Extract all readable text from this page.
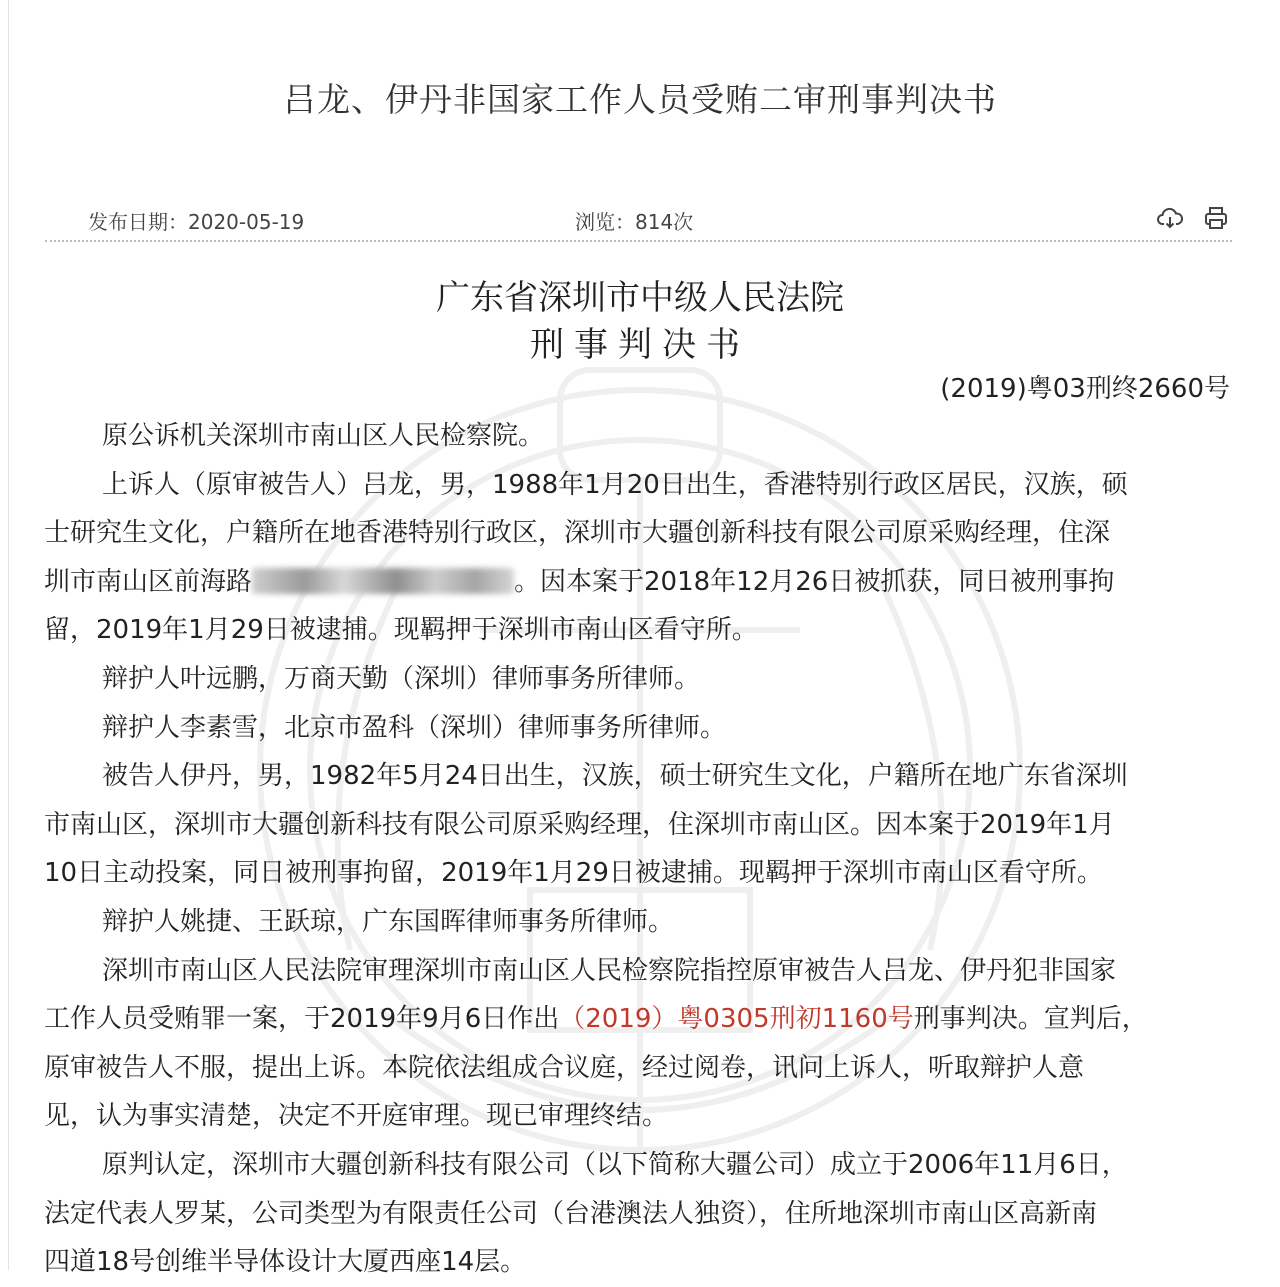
吕龙、伊丹非国家工作人员受贿二审刑事判决书
发布日期：2020-05-19	浏览：814次
广东省深圳市中级人民法院
刑事判决书
(2019)粤03刑终2660号

原公诉机关深圳市南山区人民检察院。

上诉人（原审被告人）吕龙，男，1988年1月20日出生，香港特别行政区居民，汉族，硕
士研究生文化，户籍所在地香港特别行政区，深圳市大疆创新科技有限公司原采购经理，住深
圳市南山区前海路	。因本案于2018年12月26日被抓获，同日被刑事拘
留，2019年1月29日被逮捕。现羁押于深圳市南山区看守所。

辩护人叶远鹏，万商天勤（深圳）律师事务所律师。

辩护人李素雪，北京市盈科（深圳）律师事务所律师。

被告人伊丹，男，1982年5月24日出生，汉族，硕士研究生文化，户籍所在地广东省深圳
市南山区，深圳市大疆创新科技有限公司原采购经理，住深圳市南山区。因本案于2019年1月
10日主动投案，同日被刑事拘留，2019年1月29日被逮捕。现羁押于深圳市南山区看守所。

辩护人姚捷、王跃琼，广东国晖律师事务所律师。

深圳市南山区人民法院审理深圳市南山区人民检察院指控原审被告人吕龙、伊丹犯非国家
工作人员受贿罪一案，于2019年9月6日作出（2019）粤0305刑初1160号刑事判决。宣判后，
原审被告人不服，提出上诉。本院依法组成合议庭，经过阅卷，讯问上诉人，听取辩护人意
见，认为事实清楚，决定不开庭审理。现已审理终结。

原判认定，深圳市大疆创新科技有限公司（以下简称大疆公司）成立于2006年11月6日，
法定代表人罗某，公司类型为有限责任公司（台港澳法人独资），住所地深圳市南山区高新南
四道18号创维半导体设计大厦西座14层。
